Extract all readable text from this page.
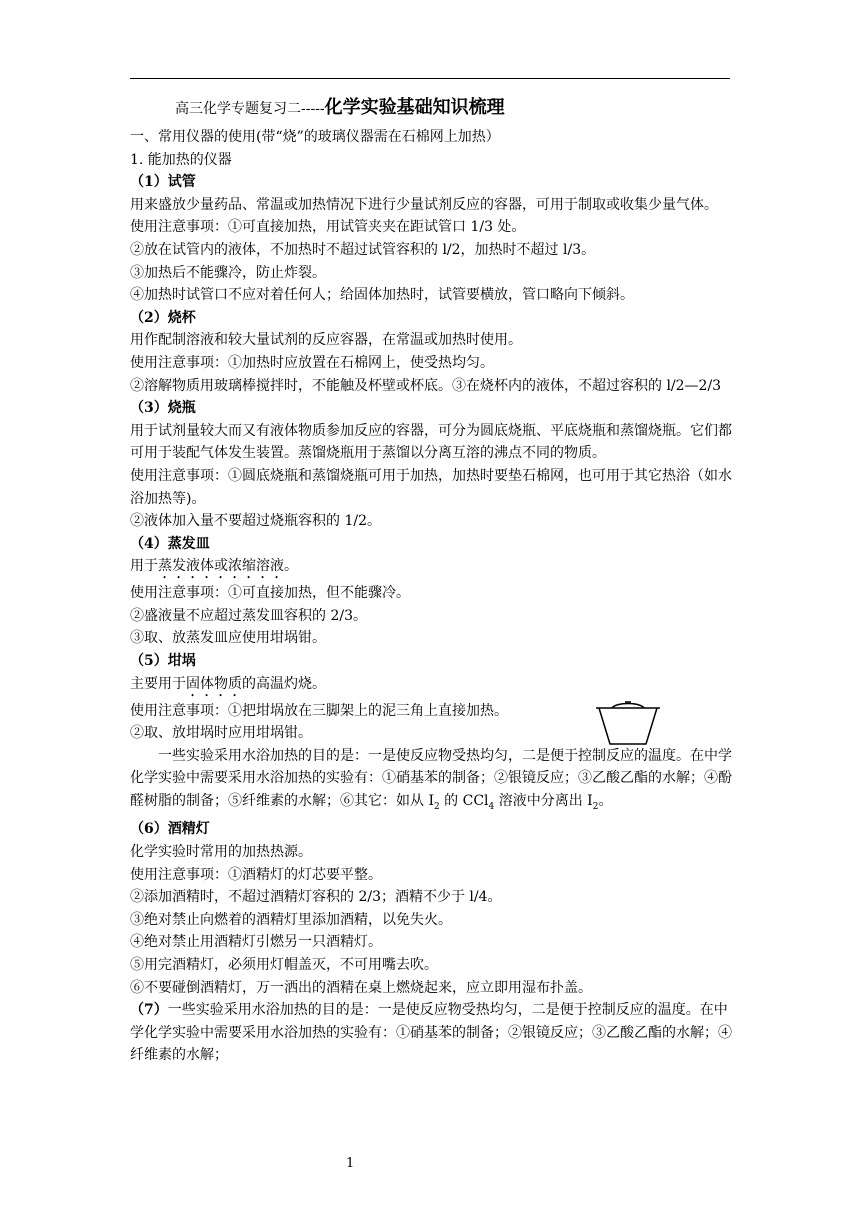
高三化学专题复习二-----化学实验基础知识梳理

一、常用仪器的使用(带“烧”的玻璃仪器需在石棉网上加热）

1. 能加热的仪器

（1）试管

用来盛放少量药品、常温或加热情况下进行少量试剂反应的容器，可用于制取或收集少量气体。

使用注意事项：①可直接加热，用试管夹夹在距试管口 1/3 处。

②放在试管内的液体，不加热时不超过试管容积的 l/2，加热时不超过 l/3。

③加热后不能骤冷，防止炸裂。

④加热时试管口不应对着任何人；给固体加热时，试管要横放，管口略向下倾斜。

（2）烧杯

用作配制溶液和较大量试剂的反应容器，在常温或加热时使用。

使用注意事项：①加热时应放置在石棉网上，使受热均匀。

②溶解物质用玻璃棒搅拌时，不能触及杯壁或杯底。③在烧杯内的液体，不超过容积的 l/2—2/3

（3）烧瓶

用于试剂量较大而又有液体物质参加反应的容器，可分为圆底烧瓶、平底烧瓶和蒸馏烧瓶。它们都可用于装配气体发生装置。蒸馏烧瓶用于蒸馏以分离互溶的沸点不同的物质。

使用注意事项：①圆底烧瓶和蒸馏烧瓶可用于加热，加热时要垫石棉网，也可用于其它热浴（如水浴加热等)。

②液体加入量不要超过烧瓶容积的 1/2。

（4）蒸发皿

用于蒸发液体或浓缩溶液。

使用注意事项：①可直接加热，但不能骤冷。

②盛液量不应超过蒸发皿容积的 2/3。

③取、放蒸发皿应使用坩埚钳。

（5）坩埚

主要用于固体物质的高温灼烧。

使用注意事项：①把坩埚放在三脚架上的泥三角上直接加热。

②取、放坩埚时应用坩埚钳。

一些实验采用水浴加热的目的是：一是使反应物受热均匀，二是便于控制反应的温度。在中学化学实验中需要采用水浴加热的实验有：①硝基苯的制备；②银镜反应；③乙酸乙酯的水解；④酚醛树脂的制备；⑤纤维素的水解；⑥其它：如从 $I_2$ 的 CCl$_4$ 溶液中分离出 $I_2$。

（6）酒精灯

化学实验时常用的加热热源。

使用注意事项：①酒精灯的灯芯要平整。

②添加酒精时，不超过酒精灯容积的 2/3；酒精不少于 l/4。

③绝对禁止向燃着的酒精灯里添加酒精，以免失火。

④绝对禁止用酒精灯引燃另一只酒精灯。

⑤用完酒精灯，必须用灯帽盖灭，不可用嘴去吹。

⑥不要碰倒酒精灯，万一洒出的酒精在桌上燃烧起来，应立即用湿布扑盖。

（7）一些实验采用水浴加热的目的是：一是使反应物受热均匀，二是便于控制反应的温度。在中学化学实验中需要采用水浴加热的实验有：①硝基苯的制备；②银镜反应；③乙酸乙酯的水解；④纤维素的水解；

1
